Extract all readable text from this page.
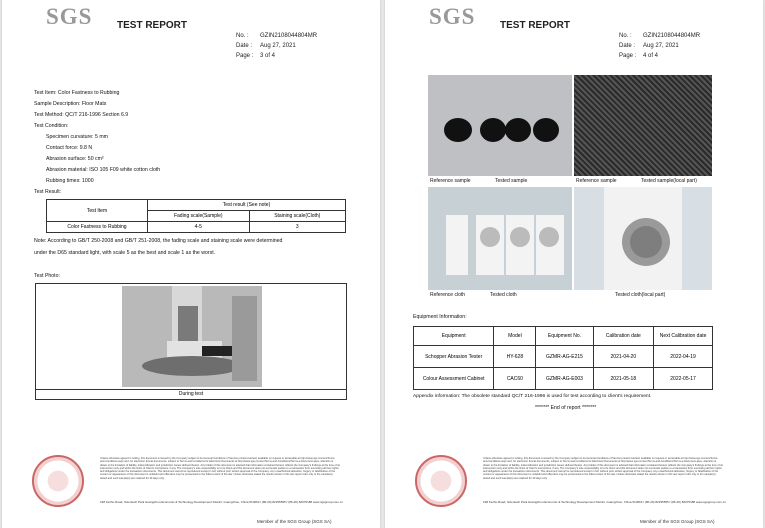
SGS TEST REPORT
No. :	GZIN2108044804MR
Date :	Aug 27, 2021
Page :	3 of 4
Test Item: Color Fastness to Rubbing
Sample Description: Floor Mats
Test Method: QC/T 216-1996 Section 6.9
Test Condition:
Specimen curvature: 5 mm
Contact force: 9.8 N
Abrasion surface: 50 cm²
Abrasion material: ISO 105 F09 white cotton cloth
Rubbing times: 1000
Test Result:
Test Item	Test result (See note)	
	Fading scale(Sample)	Staining scale(Cloth)
Color Fastness to Rubbing	4-5	3
Note: According to GB/T 250-2008 and GB/T 251-2008, the fading scale and staining scale were determined
under the D65 standard light, with scale 5 as the best and scale 1 as the worst.
Test Photo:
During test
Unless otherwise agreed in writing, this document is issued by the Company subject to its General Conditions of Service printed overleaf, available on request or accessible at http://www.sgs.com/en/Terms-and-Conditions.aspx and, for electronic format documents, subject to Terms and Conditions for Electronic Documents at http://www.sgs.com/en/Terms-and-Conditions/Terms-e-Document.aspx. Attention is drawn to the limitation of liability, indemnification and jurisdiction issues defined therein. Any holder of this document is advised that information contained hereon reflects the Company's findings at the time of its intervention only and within the limits of Client's instructions, if any. The Company's sole responsibility is to its Client and this document does not exonerate parties to a transaction from exercising all their rights and obligations under the transaction documents. This document cannot be reproduced except in full, without prior written approval of the Company. Any unauthorized alteration, forgery or falsification of the content or appearance of this document is unlawful and offenders may be prosecuted to the fullest extent of the law. Unless otherwise stated the results shown in this test report refer only to the sample(s) tested and such sample(s) are retained for 30 days only.
198 Kezhu Road, Scientech Park Guangzhou Economic & Technology Development District, Guangzhou, China 510663 t (86-20) 82155555 f (86-20) 82075188 www.sgsgroup.com.cn
Member of the SGS Group (SGS SA)
SGS TEST REPORT
No. :	GZIN2108044804MR
Date :	Aug 27, 2021
Page :	4 of 4
Reference sample	Tested sample	Reference sample	Tested sample(local part)
Reference cloth	Tested cloth	Tested cloth(local part)
Equipment Information:
Equipment	Model	Equipment No.	Calibration date	Next Calibration date
Schopper Abrasion Tester	HY-628	GZMR-AG-E215	2021-04-20	2022-04-19
Colour Assessment Cabinet	CAC60	GZMR-AG-E003	2021-05-18	2022-05-17
Appendix information: The obsolete standard QC/T 216-1996 is used for test according to client's requirement.
******* End of report *******
Unless otherwise agreed in writing, this document is issued by the Company subject to its General Conditions of Service printed overleaf, available on request or accessible at http://www.sgs.com/en/Terms-and-Conditions.aspx and, for electronic format documents, subject to Terms and Conditions for Electronic Documents at http://www.sgs.com/en/Terms-and-Conditions/Terms-e-Document.aspx. Attention is drawn to the limitation of liability, indemnification and jurisdiction issues defined therein. Any holder of this document is advised that information contained hereon reflects the Company's findings at the time of its intervention only and within the limits of Client's instructions, if any. The Company's sole responsibility is to its Client and this document does not exonerate parties to a transaction from exercising all their rights and obligations under the transaction documents. This document cannot be reproduced except in full, without prior written approval of the Company. Any unauthorized alteration, forgery or falsification of the content or appearance of this document is unlawful and offenders may be prosecuted to the fullest extent of the law. Unless otherwise stated the results shown in this test report refer only to the sample(s) tested and such sample(s) are retained for 30 days only.
198 Kezhu Road, Scientech Park Guangzhou Economic & Technology Development District, Guangzhou, China 510663 t (86-20) 82155555 f (86-20) 82075188 www.sgsgroup.com.cn
Member of the SGS Group (SGS SA)
